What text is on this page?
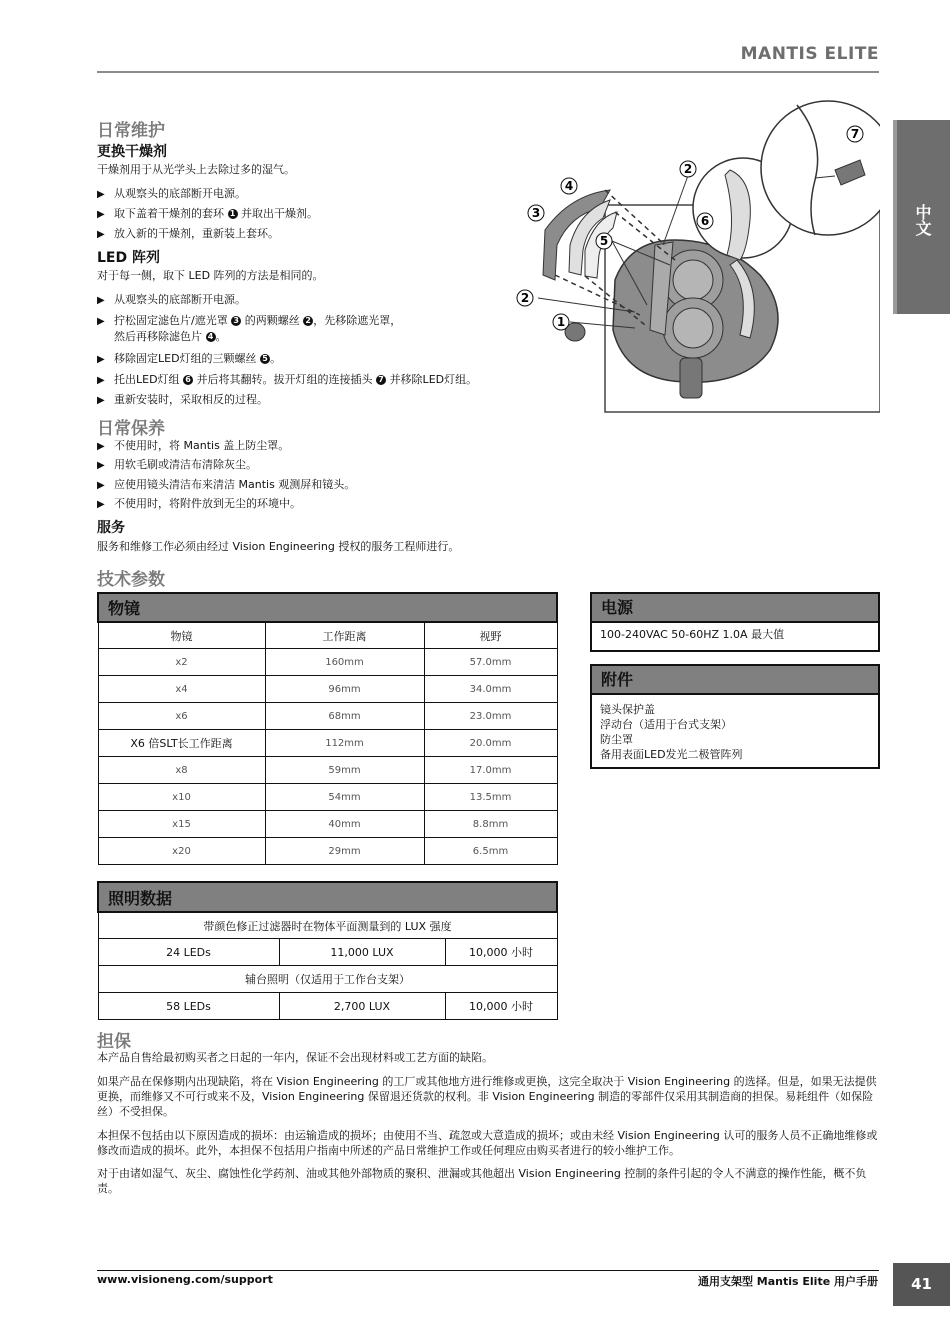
MANTIS ELITE
中文
日常维护
更换干燥剂
干燥剂用于从光学头上去除过多的湿气。
▶ 从观察头的底部断开电源。
▶ 取下盖着干燥剂的套环 1 并取出干燥剂。
▶ 放入新的干燥剂，重新装上套环。
LED 阵列
对于每一侧，取下 LED 阵列的方法是相同的。
▶ 从观察头的底部断开电源。
▶ 拧松固定滤色片/遮光罩 3 的两颗螺丝 2 ，先移除遮光罩，
然后再移除滤色片 4 。
▶ 移除固定LED灯组的三颗螺丝 5 。
▶ 托出LED灯组 6 并后将其翻转。拔开灯组的连接插头 7 并移除LED灯组。
▶ 重新安装时，采取相反的过程。
1
2
3
4
5
6
2
7
日常保养
▶ 不使用时，将 Mantis 盖上防尘罩。
▶ 用软毛刷或清洁布清除灰尘。
▶ 应使用镜头清洁布来清洁 Mantis 观测屏和镜头。
▶ 不使用时，将附件放到无尘的环境中。
服务
服务和维修工作必须由经过 Vision Engineering 授权的服务工程师进行。
技术参数
物镜		
物镜	工作距离	视野
x2	160mm	57.0mm
x4	96mm	34.0mm
x6	68mm	23.0mm
X6 倍SLT长工作距离	112mm	20.0mm
x8	59mm	17.0mm
x10	54mm	13.5mm
x15	40mm	8.8mm
x20	29mm	6.5mm
电源
100-240VAC 50-60HZ 1.0A 最大值
附件
镜头保护盖
浮动台（适用于台式支架）
防尘罩
备用表面LED发光二极管阵列
照明数据		
带颜色修正过滤器时在物体平面测量到的 LUX 强度		
24 LEDs	11,000 LUX	10,000 小时
辅台照明（仅适用于工作台支架）		
58 LEDs	2,700 LUX	10,000 小时
担保
本产品自售给最初购买者之日起的一年内，保证不会出现材料或工艺方面的缺陷。
如果产品在保修期内出现缺陷，将在 Vision Engineering 的工厂或其他地方进行维修或更换，这完全取决于 Vision Engineering 的选择。但是，如果无法提供更换，而维修又不可行或来不及，Vision Engineering 保留退还货款的权利。非 Vision Engineering 制造的零部件仅采用其制造商的担保。易耗组件（如保险丝）不受担保。
本担保不包括由以下原因造成的损坏：由运输造成的损坏；由使用不当、疏忽或大意造成的损坏；或由未经 Vision Engineering 认可的服务人员不正确地维修或修改而造成的损坏。此外，本担保不包括用户指南中所述的产品日常维护工作或任何理应由购买者进行的较小维护工作。
对于由诸如湿气、灰尘、腐蚀性化学药剂、油或其他外部物质的聚积、泄漏或其他超出 Vision Engineering 控制的条件引起的令人不满意的操作性能，概不负责。
www.visioneng.com/support	通用支架型 Mantis Elite 用户手册	41
